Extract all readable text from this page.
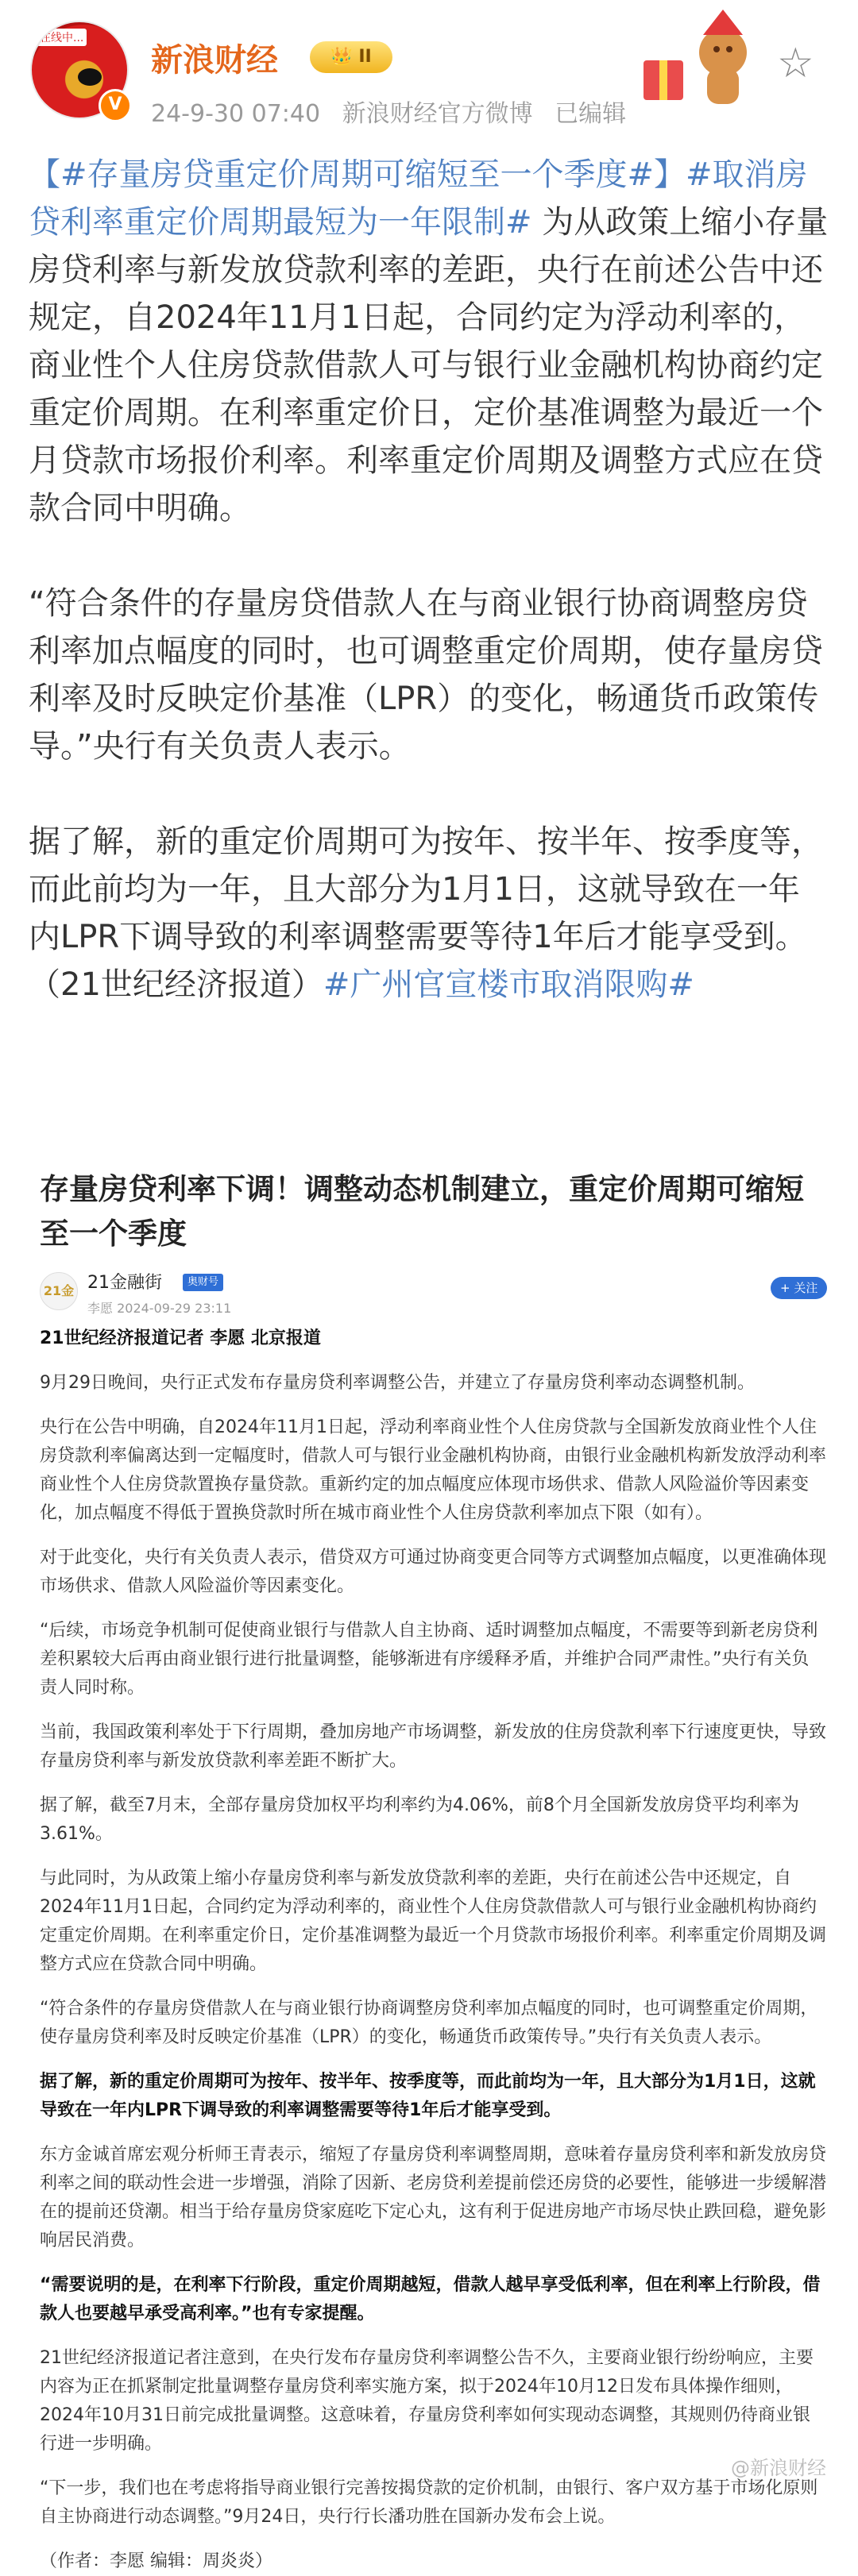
在线中...
V
新浪财经	👑 II
24-9-30 07:40 新浪财经官方微博 已编辑
☆

【#存量房贷重定价周期可缩短至一个季度#】#取消房贷利率重定价周期最短为一年限制# 为从政策上缩小存量房贷利率与新发放贷款利率的差距，央行在前述公告中还规定，自2024年11月1日起，合同约定为浮动利率的，商业性个人住房贷款借款人可与银行业金融机构协商约定重定价周期。在利率重定价日，定价基准调整为最近一个月贷款市场报价利率。利率重定价周期及调整方式应在贷款合同中明确。

“符合条件的存量房贷借款人在与商业银行协商调整房贷利率加点幅度的同时，也可调整重定价周期，使存量房贷利率及时反映定价基准（LPR）的变化，畅通货币政策传导。”央行有关负责人表示。

据了解，新的重定价周期可为按年、按半年、按季度等，而此前均为一年，且大部分为1月1日，这就导致在一年内LPR下调导致的利率调整需要等待1年后才能享受到。（21世纪经济报道）#广州官宣楼市取消限购#

存量房贷利率下调！调整动态机制建立，重定价周期可缩短至一个季度
21金 21金融街	奥财号
李愿 2024-09-29 23:11
+ 关注

21世纪经济报道记者 李愿 北京报道

9月29日晚间，央行正式发布存量房贷利率调整公告，并建立了存量房贷利率动态调整机制。

央行在公告中明确，自2024年11月1日起，浮动利率商业性个人住房贷款与全国新发放商业性个人住房贷款利率偏离达到一定幅度时，借款人可与银行业金融机构协商，由银行业金融机构新发放浮动利率商业性个人住房贷款置换存量贷款。重新约定的加点幅度应体现市场供求、借款人风险溢价等因素变化，加点幅度不得低于置换贷款时所在城市商业性个人住房贷款利率加点下限（如有）。

对于此变化，央行有关负责人表示，借贷双方可通过协商变更合同等方式调整加点幅度，以更准确体现市场供求、借款人风险溢价等因素变化。

“后续，市场竞争机制可促使商业银行与借款人自主协商、适时调整加点幅度，不需要等到新老房贷利差积累较大后再由商业银行进行批量调整，能够渐进有序缓释矛盾，并维护合同严肃性。”央行有关负责人同时称。

当前，我国政策利率处于下行周期，叠加房地产市场调整，新发放的住房贷款利率下行速度更快，导致存量房贷利率与新发放贷款利率差距不断扩大。

据了解，截至7月末，全部存量房贷加权平均利率约为4.06%，前8个月全国新发放房贷平均利率为3.61%。

与此同时，为从政策上缩小存量房贷利率与新发放贷款利率的差距，央行在前述公告中还规定，自2024年11月1日起，合同约定为浮动利率的，商业性个人住房贷款借款人可与银行业金融机构协商约定重定价周期。在利率重定价日，定价基准调整为最近一个月贷款市场报价利率。利率重定价周期及调整方式应在贷款合同中明确。

“符合条件的存量房贷借款人在与商业银行协商调整房贷利率加点幅度的同时，也可调整重定价周期，使存量房贷利率及时反映定价基准（LPR）的变化，畅通货币政策传导。”央行有关负责人表示。

据了解，新的重定价周期可为按年、按半年、按季度等，而此前均为一年，且大部分为1月1日，这就导致在一年内LPR下调导致的利率调整需要等待1年后才能享受到。

东方金诚首席宏观分析师王青表示，缩短了存量房贷利率调整周期，意味着存量房贷利率和新发放房贷利率之间的联动性会进一步增强，消除了因新、老房贷利差提前偿还房贷的必要性，能够进一步缓解潜在的提前还贷潮。相当于给存量房贷家庭吃下定心丸，这有利于促进房地产市场尽快止跌回稳，避免影响居民消费。

“需要说明的是，在利率下行阶段，重定价周期越短，借款人越早享受低利率，但在利率上行阶段，借款人也要越早承受高利率。”也有专家提醒。

21世纪经济报道记者注意到，在央行发布存量房贷利率调整公告不久，主要商业银行纷纷响应，主要内容为正在抓紧制定批量调整存量房贷利率实施方案，拟于2024年10月12日发布具体操作细则，2024年10月31日前完成批量调整。这意味着，存量房贷利率如何实现动态调整，其规则仍待商业银行进一步明确。

“下一步，我们也在考虑将指导商业银行完善按揭贷款的定价机制，由银行、客户双方基于市场化原则自主协商进行动态调整。”9月24日，央行行长潘功胜在国新办发布会上说。

（作者：李愿 编辑：周炎炎）

@新浪财经
